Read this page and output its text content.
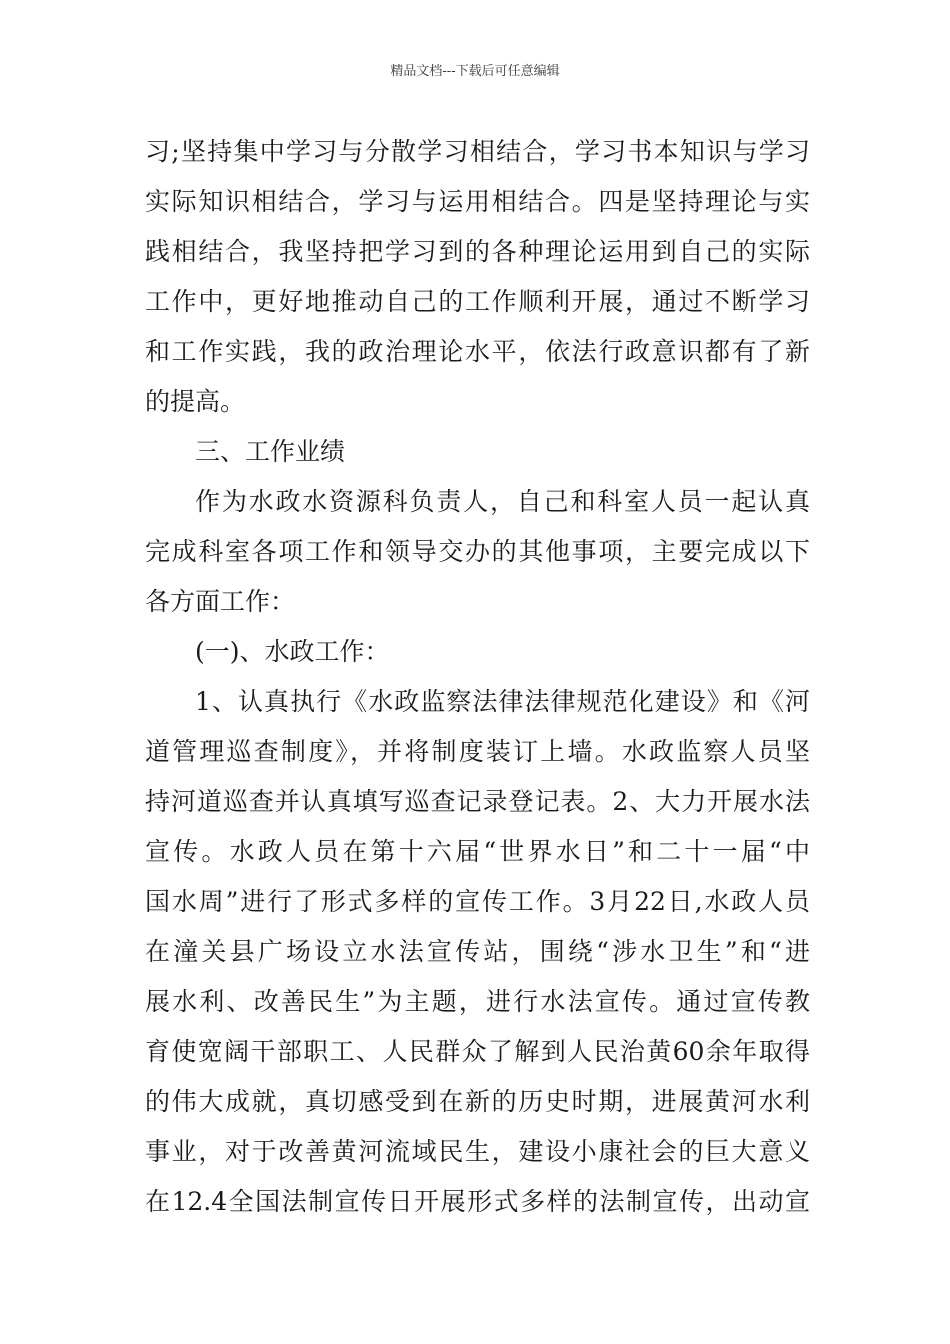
精品文档---下载后可任意编辑
习;坚持集中学习与分散学习相结合，学习书本知识与学习
实际知识相结合，学习与运用相结合。四是坚持理论与实
践相结合，我坚持把学习到的各种理论运用到自己的实际
工作中，更好地推动自己的工作顺利开展，通过不断学习
和工作实践，我的政治理论水平，依法行政意识都有了新
的提高。
三、工作业绩
作为水政水资源科负责人，自己和科室人员一起认真
完成科室各项工作和领导交办的其他事项，主要完成以下
各方面工作：
(一)、水政工作：
1、认真执行《水政监察法律法律规范化建设》和《河
道管理巡查制度》，并将制度装订上墙。水政监察人员坚
持河道巡查并认真填写巡查记录登记表。2、大力开展水法
宣传。水政人员在第十六届“世界水日”和二十一届“中
国水周”进行了形式多样的宣传工作。3月22日,水政人员
在潼关县广场设立水法宣传站，围绕“涉水卫生”和“进
展水利、改善民生”为主题，进行水法宣传。通过宣传教
育使宽阔干部职工、人民群众了解到人民治黄60余年取得
的伟大成就，真切感受到在新的历史时期，进展黄河水利
事业，对于改善黄河流域民生，建设小康社会的巨大意义
在12.4全国法制宣传日开展形式多样的法制宣传，出动宣
